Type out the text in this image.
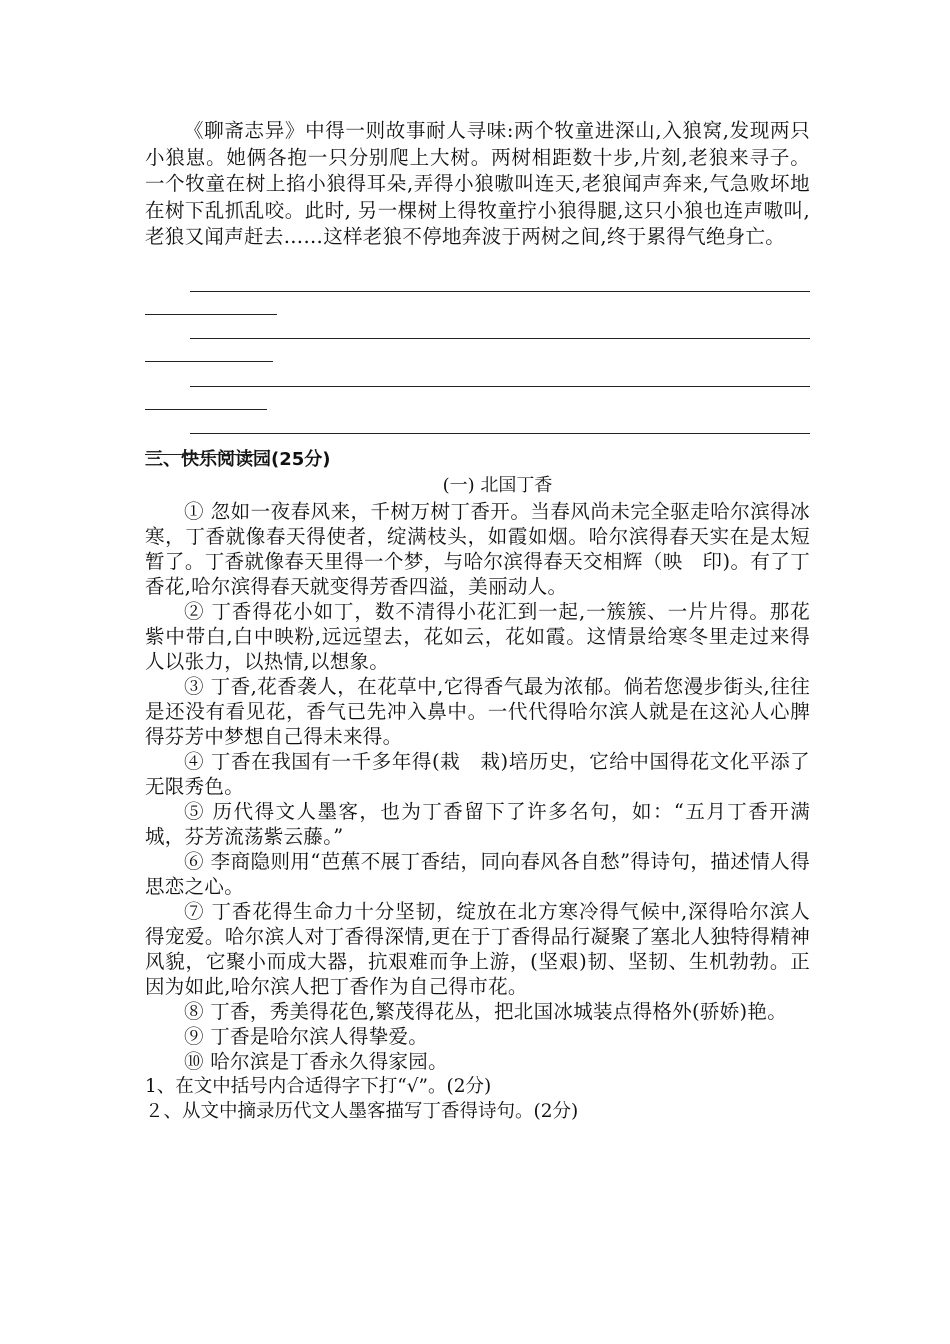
《聊斋志异》中得一则故事耐人寻味:两个牧童进深山,入狼窝,发现两只小狼崽。她俩各抱一只分别爬上大树。两树相距数十步,片刻,老狼来寻子。一个牧童在树上掐小狼得耳朵,弄得小狼嗷叫连天,老狼闻声奔来,气急败坏地在树下乱抓乱咬。此时, 另一棵树上得牧童拧小狼得腿,这只小狼也连声嗷叫,老狼又闻声赶去……这样老狼不停地奔波于两树之间,终于累得气绝身亡。

三、快乐阅读园(25分)

(一) 北国丁香

① 忽如一夜春风来，千树万树丁香开。当春风尚未完全驱走哈尔滨得冰寒，丁香就像春天得使者，绽满枝头，如霞如烟。哈尔滨得春天实在是太短暂了。丁香就像春天里得一个梦，与哈尔滨得春天交相辉（映　印)。有了丁香花,哈尔滨得春天就变得芳香四溢，美丽动人。

② 丁香得花小如丁，数不清得小花汇到一起,一簇簇、一片片得。那花紫中带白,白中映粉,远远望去，花如云，花如霞。这情景给寒冬里走过来得人以张力，以热情,以想象。

③ 丁香,花香袭人，在花草中,它得香气最为浓郁。倘若您漫步街头,往往是还没有看见花，香气已先冲入鼻中。一代代得哈尔滨人就是在这沁人心脾得芬芳中梦想自己得未来得。

④ 丁香在我国有一千多年得(栽　栽)培历史，它给中国得花文化平添了无限秀色。

⑤ 历代得文人墨客，也为丁香留下了许多名句，如：“五月丁香开满城，芬芳流荡紫云藤。”

⑥ 李商隐则用“芭蕉不展丁香结，同向春风各自愁”得诗句，描述情人得思恋之心。

⑦ 丁香花得生命力十分坚韧，绽放在北方寒冷得气候中,深得哈尔滨人得宠爱。哈尔滨人对丁香得深情,更在于丁香得品行凝聚了塞北人独特得精神风貌，它聚小而成大器，抗艰难而争上游，(坚艰)韧、坚韧、生机勃勃。正因为如此,哈尔滨人把丁香作为自己得市花。

⑧ 丁香，秀美得花色,繁茂得花丛，把北国冰城装点得格外(骄娇)艳。

⑨ 丁香是哈尔滨人得挚爱。

⑩ 哈尔滨是丁香永久得家园。

1、在文中括号内合适得字下打“√”。(2分)

２、从文中摘录历代文人墨客描写丁香得诗句。(2分)
